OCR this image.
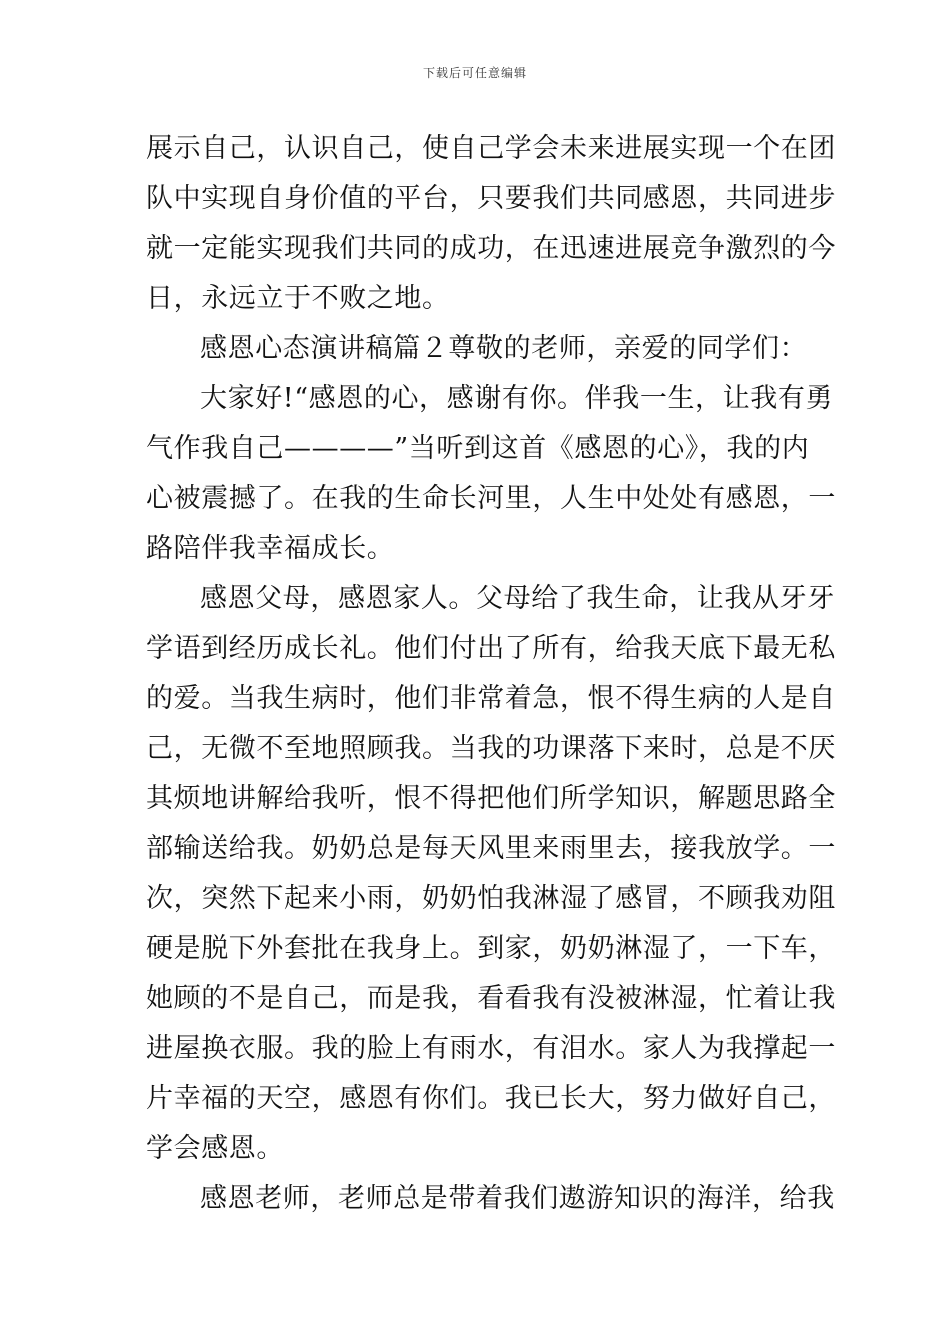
下载后可任意编辑
展示自己，认识自己，使自己学会未来进展实现一个在团
队中实现自身价值的平台，只要我们共同感恩，共同进步
就一定能实现我们共同的成功，在迅速进展竞争激烈的今
日，永远立于不败之地。
感恩心态演讲稿篇２尊敬的老师，亲爱的同学们：
大家好!“感恩的心，感谢有你。伴我一生，让我有勇
气作我自己————”当听到这首《感恩的心》，我的内
心被震撼了。在我的生命长河里，人生中处处有感恩，一
路陪伴我幸福成长。
感恩父母，感恩家人。父母给了我生命，让我从牙牙
学语到经历成长礼。他们付出了所有，给我天底下最无私
的爱。当我生病时，他们非常着急，恨不得生病的人是自
己，无微不至地照顾我。当我的功课落下来时，总是不厌
其烦地讲解给我听，恨不得把他们所学知识，解题思路全
部输送给我。奶奶总是每天风里来雨里去，接我放学。一
次，突然下起来小雨，奶奶怕我淋湿了感冒，不顾我劝阻
硬是脱下外套批在我身上。到家，奶奶淋湿了，一下车，
她顾的不是自己，而是我，看看我有没被淋湿，忙着让我
进屋换衣服。我的脸上有雨水，有泪水。家人为我撑起一
片幸福的天空，感恩有你们。我已长大，努力做好自己，
学会感恩。
感恩老师，老师总是带着我们遨游知识的海洋，给我
